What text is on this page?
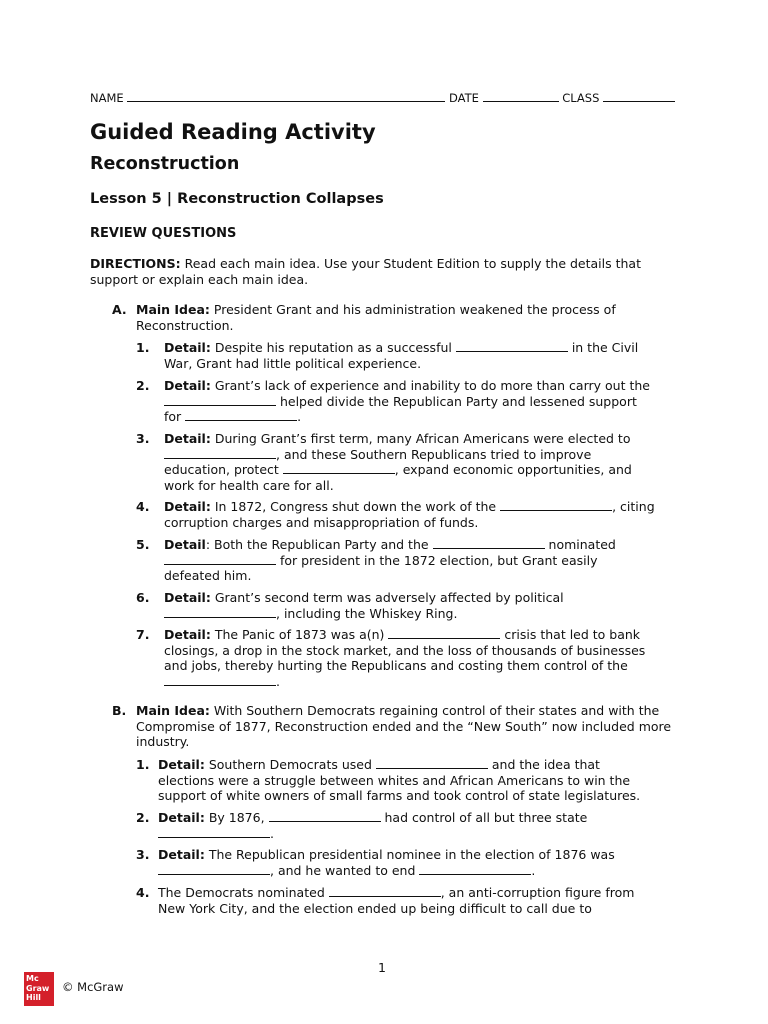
NAME	DATE	CLASS
Guided Reading Activity
Reconstruction
Lesson 5 | Reconstruction Collapses
REVIEW QUESTIONS
DIRECTIONS: Read each main idea. Use your Student Edition to supply the details that support or explain each main idea.
A. Main Idea: President Grant and his administration weakened the process of Reconstruction.
1. Detail: Despite his reputation as a successful	in the Civil War, Grant had little political experience.
2. Detail: Grant’s lack of experience and inability to do more than carry out the  helped divide the Republican Party and lessened support for	.
3. Detail: During Grant’s first term, many African Americans were elected to , and these Southern Republicans tried to improve education, protect	, expand economic opportunities, and work for health care for all.
4. Detail: In 1872, Congress shut down the work of the	, citing corruption charges and misappropriation of funds.
5. Detail: Both the Republican Party and the	nominated  for president in the 1872 election, but Grant easily defeated him.
6. Detail: Grant’s second term was adversely affected by political , including the Whiskey Ring.
7. Detail: The Panic of 1873 was a(n)	crisis that led to bank closings, a drop in the stock market, and the loss of thousands of businesses and jobs, thereby hurting the Republicans and costing them control of the .
B. Main Idea: With Southern Democrats regaining control of their states and with the Compromise of 1877, Reconstruction ended and the “New South” now included more industry.
1. Detail: Southern Democrats used	and the idea that elections were a struggle between whites and African Americans to win the support of white owners of small farms and took control of state legislatures.
2. Detail: By 1876,	had control of all but three state .
3. Detail: The Republican presidential nominee in the election of 1876 was , and he wanted to end	.
4. The Democrats nominated	, an anti-corruption figure from New York City, and the election ended up being difficult to call due to
1
Mc
Graw
Hill
© McGraw
